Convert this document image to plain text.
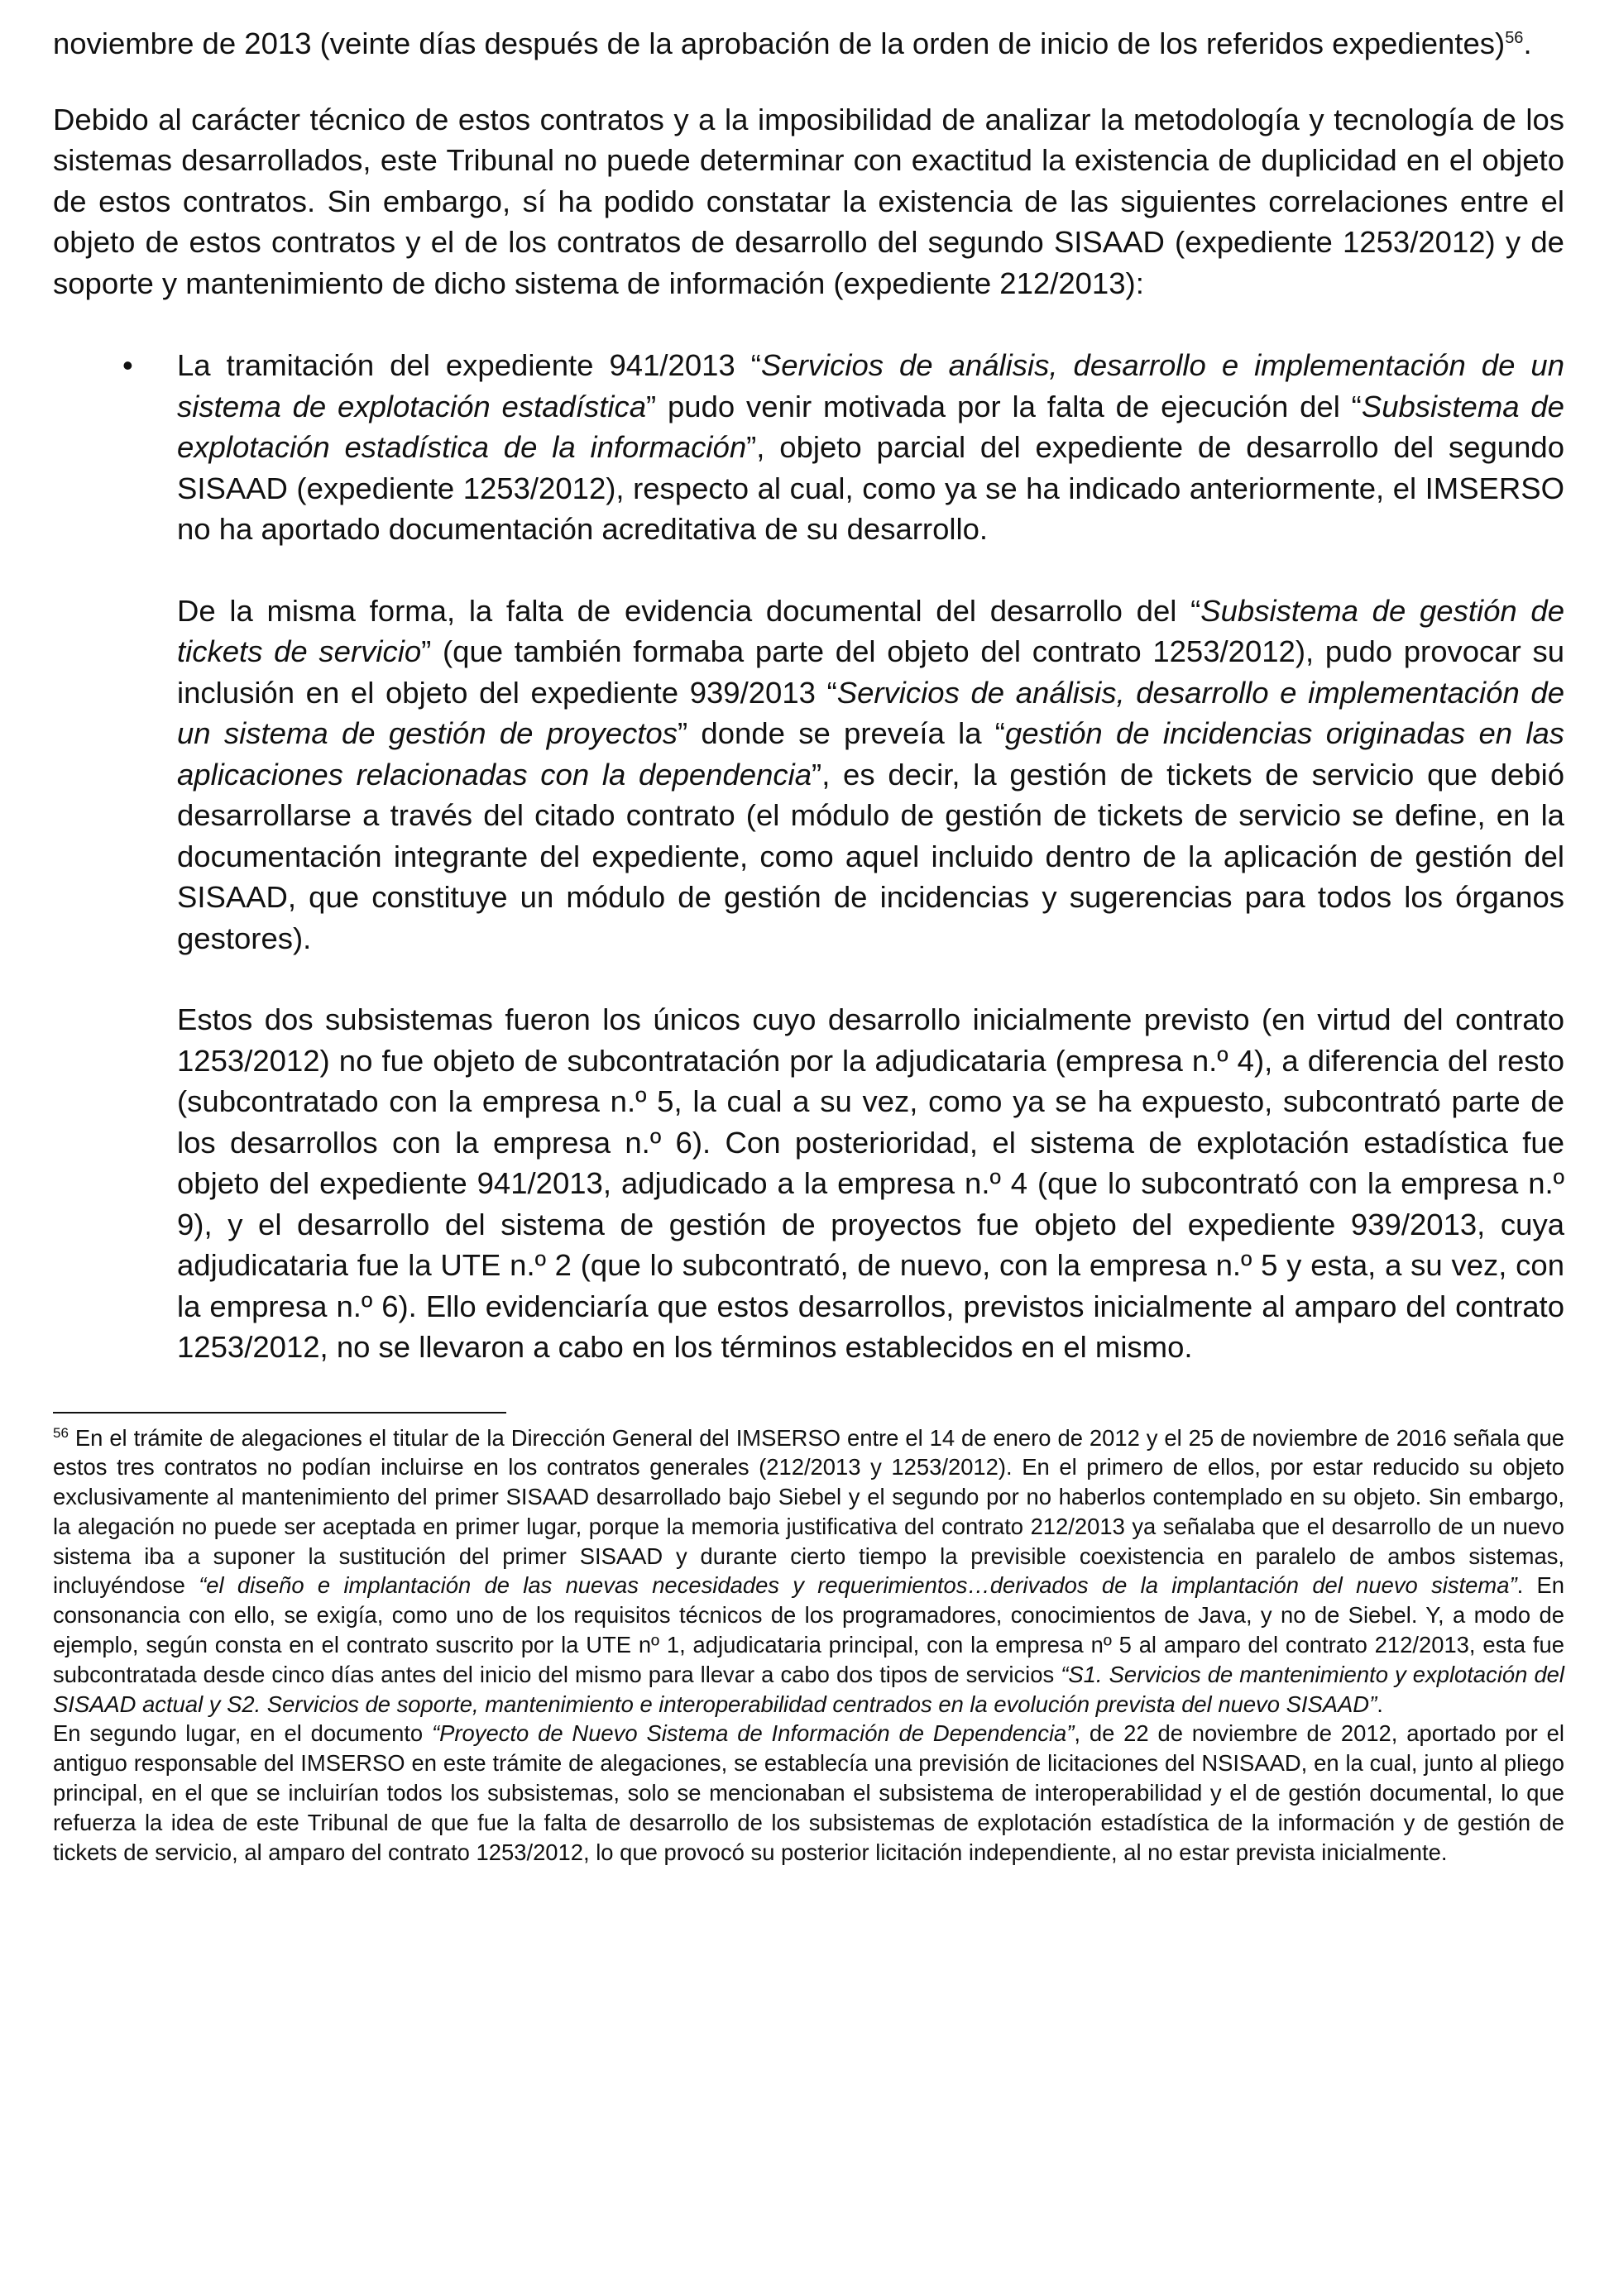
noviembre de 2013 (veinte días después de la aprobación de la orden de inicio de los referidos expedientes)$^{56}$.

Debido al carácter técnico de estos contratos y a la imposibilidad de analizar la metodología y tecnología de los sistemas desarrollados, este Tribunal no puede determinar con exactitud la existencia de duplicidad en el objeto de estos contratos. Sin embargo, sí ha podido constatar la existencia de las siguientes correlaciones entre el objeto de estos contratos y el de los contratos de desarrollo del segundo SISAAD (expediente 1253/2012) y de soporte y mantenimiento de dicho sistema de información (expediente 212/2013):

• La tramitación del expediente 941/2013 “Servicios de análisis, desarrollo e implementación de un sistema de explotación estadística” pudo venir motivada por la falta de ejecución del “Subsistema de explotación estadística de la información”, objeto parcial del expediente de desarrollo del segundo SISAAD (expediente 1253/2012), respecto al cual, como ya se ha indicado anteriormente, el IMSERSO no ha aportado documentación acreditativa de su desarrollo.

De la misma forma, la falta de evidencia documental del desarrollo del “Subsistema de gestión de tickets de servicio” (que también formaba parte del objeto del contrato 1253/2012), pudo provocar su inclusión en el objeto del expediente 939/2013 “Servicios de análisis, desarrollo e implementación de un sistema de gestión de proyectos” donde se preveía la “gestión de incidencias originadas en las aplicaciones relacionadas con la dependencia”, es decir, la gestión de tickets de servicio que debió desarrollarse a través del citado contrato (el módulo de gestión de tickets de servicio se define, en la documentación integrante del expediente, como aquel incluido dentro de la aplicación de gestión del SISAAD, que constituye un módulo de gestión de incidencias y sugerencias para todos los órganos gestores).

Estos dos subsistemas fueron los únicos cuyo desarrollo inicialmente previsto (en virtud del contrato 1253/2012) no fue objeto de subcontratación por la adjudicataria (empresa n.º 4), a diferencia del resto (subcontratado con la empresa n.º 5, la cual a su vez, como ya se ha expuesto, subcontrató parte de los desarrollos con la empresa n.º 6). Con posterioridad, el sistema de explotación estadística fue objeto del expediente 941/2013, adjudicado a la empresa n.º 4 (que lo subcontrató con la empresa n.º 9), y el desarrollo del sistema de gestión de proyectos fue objeto del expediente 939/2013, cuya adjudicataria fue la UTE n.º 2 (que lo subcontrató, de nuevo, con la empresa n.º 5 y esta, a su vez, con la empresa n.º 6). Ello evidenciaría que estos desarrollos, previstos inicialmente al amparo del contrato 1253/2012, no se llevaron a cabo en los términos establecidos en el mismo.

$^{56}$ En el trámite de alegaciones el titular de la Dirección General del IMSERSO entre el 14 de enero de 2012 y el 25 de noviembre de 2016 señala que estos tres contratos no podían incluirse en los contratos generales (212/2013 y 1253/2012). En el primero de ellos, por estar reducido su objeto exclusivamente al mantenimiento del primer SISAAD desarrollado bajo Siebel y el segundo por no haberlos contemplado en su objeto. Sin embargo, la alegación no puede ser aceptada en primer lugar, porque la memoria justificativa del contrato 212/2013 ya señalaba que el desarrollo de un nuevo sistema iba a suponer la sustitución del primer SISAAD y durante cierto tiempo la previsible coexistencia en paralelo de ambos sistemas, incluyéndose “el diseño e implantación de las nuevas necesidades y requerimientos…derivados de la implantación del nuevo sistema”. En consonancia con ello, se exigía, como uno de los requisitos técnicos de los programadores, conocimientos de Java, y no de Siebel. Y, a modo de ejemplo, según consta en el contrato suscrito por la UTE nº 1, adjudicataria principal, con la empresa nº 5 al amparo del contrato 212/2013, esta fue subcontratada desde cinco días antes del inicio del mismo para llevar a cabo dos tipos de servicios “S1. Servicios de mantenimiento y explotación del SISAAD actual y S2. Servicios de soporte, mantenimiento e interoperabilidad centrados en la evolución prevista del nuevo SISAAD”.

En segundo lugar, en el documento “Proyecto de Nuevo Sistema de Información de Dependencia”, de 22 de noviembre de 2012, aportado por el antiguo responsable del IMSERSO en este trámite de alegaciones, se establecía una previsión de licitaciones del NSISAAD, en la cual, junto al pliego principal, en el que se incluirían todos los subsistemas, solo se mencionaban el subsistema de interoperabilidad y el de gestión documental, lo que refuerza la idea de este Tribunal de que fue la falta de desarrollo de los subsistemas de explotación estadística de la información y de gestión de tickets de servicio, al amparo del contrato 1253/2012, lo que provocó su posterior licitación independiente, al no estar prevista inicialmente.
